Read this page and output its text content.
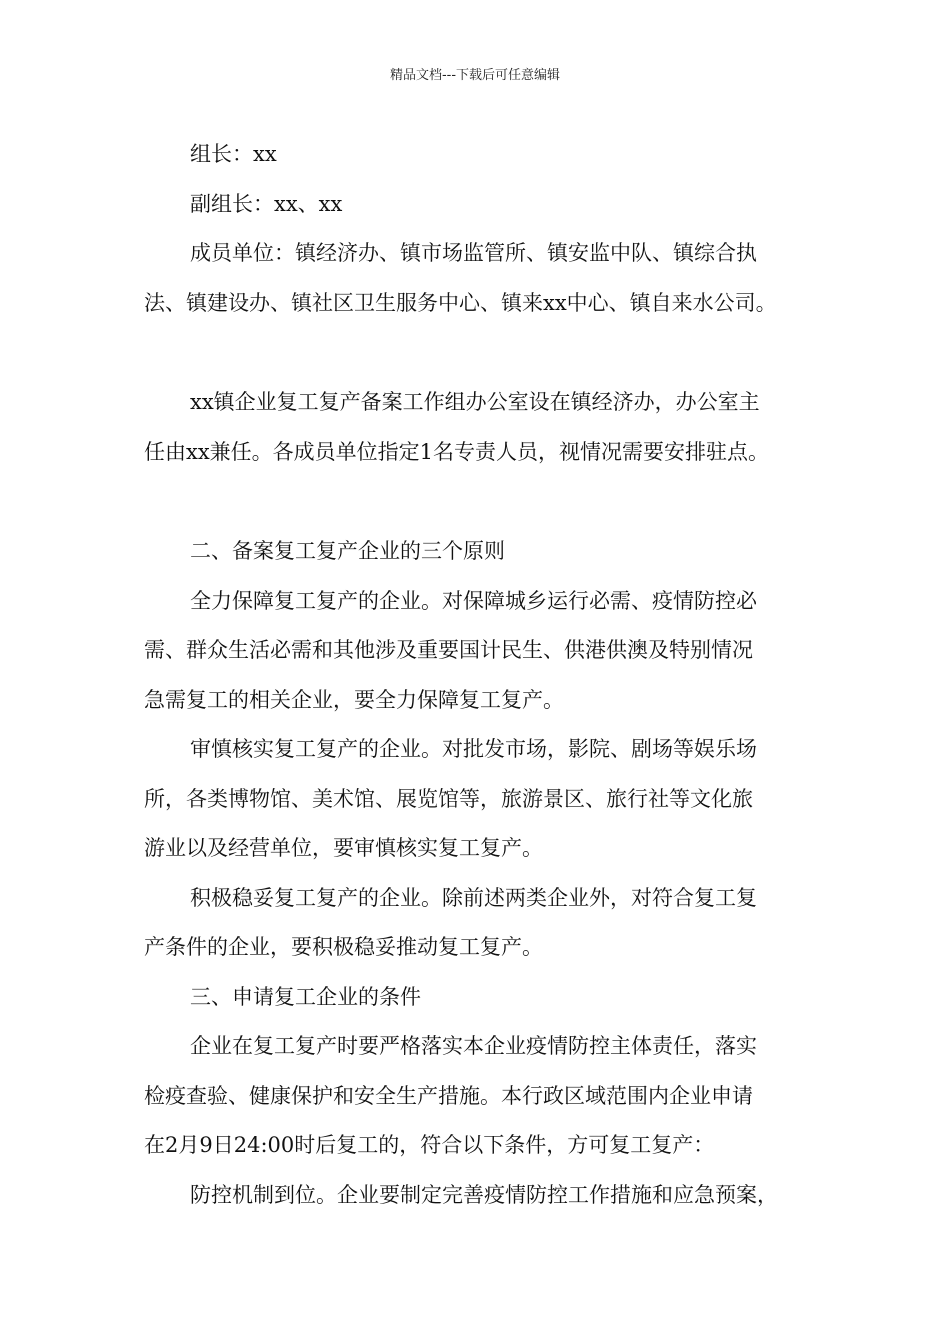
精品文档---下载后可任意编辑
组长：xx
副组长：xx、xx
成员单位：镇经济办、镇市场监管所、镇安监中队、镇综合执
法、镇建设办、镇社区卫生服务中心、镇来xx中心、镇自来水公司。
xx镇企业复工复产备案工作组办公室设在镇经济办，办公室主
任由xx兼任。各成员单位指定1名专责人员，视情况需要安排驻点。
二、备案复工复产企业的三个原则
全力保障复工复产的企业。对保障城乡运行必需、疫情防控必
需、群众生活必需和其他涉及重要国计民生、供港供澳及特别情况
急需复工的相关企业，要全力保障复工复产。
审慎核实复工复产的企业。对批发市场，影院、剧场等娱乐场
所，各类博物馆、美术馆、展览馆等，旅游景区、旅行社等文化旅
游业以及经营单位，要审慎核实复工复产。
积极稳妥复工复产的企业。除前述两类企业外，对符合复工复
产条件的企业，要积极稳妥推动复工复产。
三、申请复工企业的条件
企业在复工复产时要严格落实本企业疫情防控主体责任，落实
检疫查验、健康保护和安全生产措施。本行政区域范围内企业申请
在2月9日24:00时后复工的，符合以下条件，方可复工复产：
防控机制到位。企业要制定完善疫情防控工作措施和应急预案，
